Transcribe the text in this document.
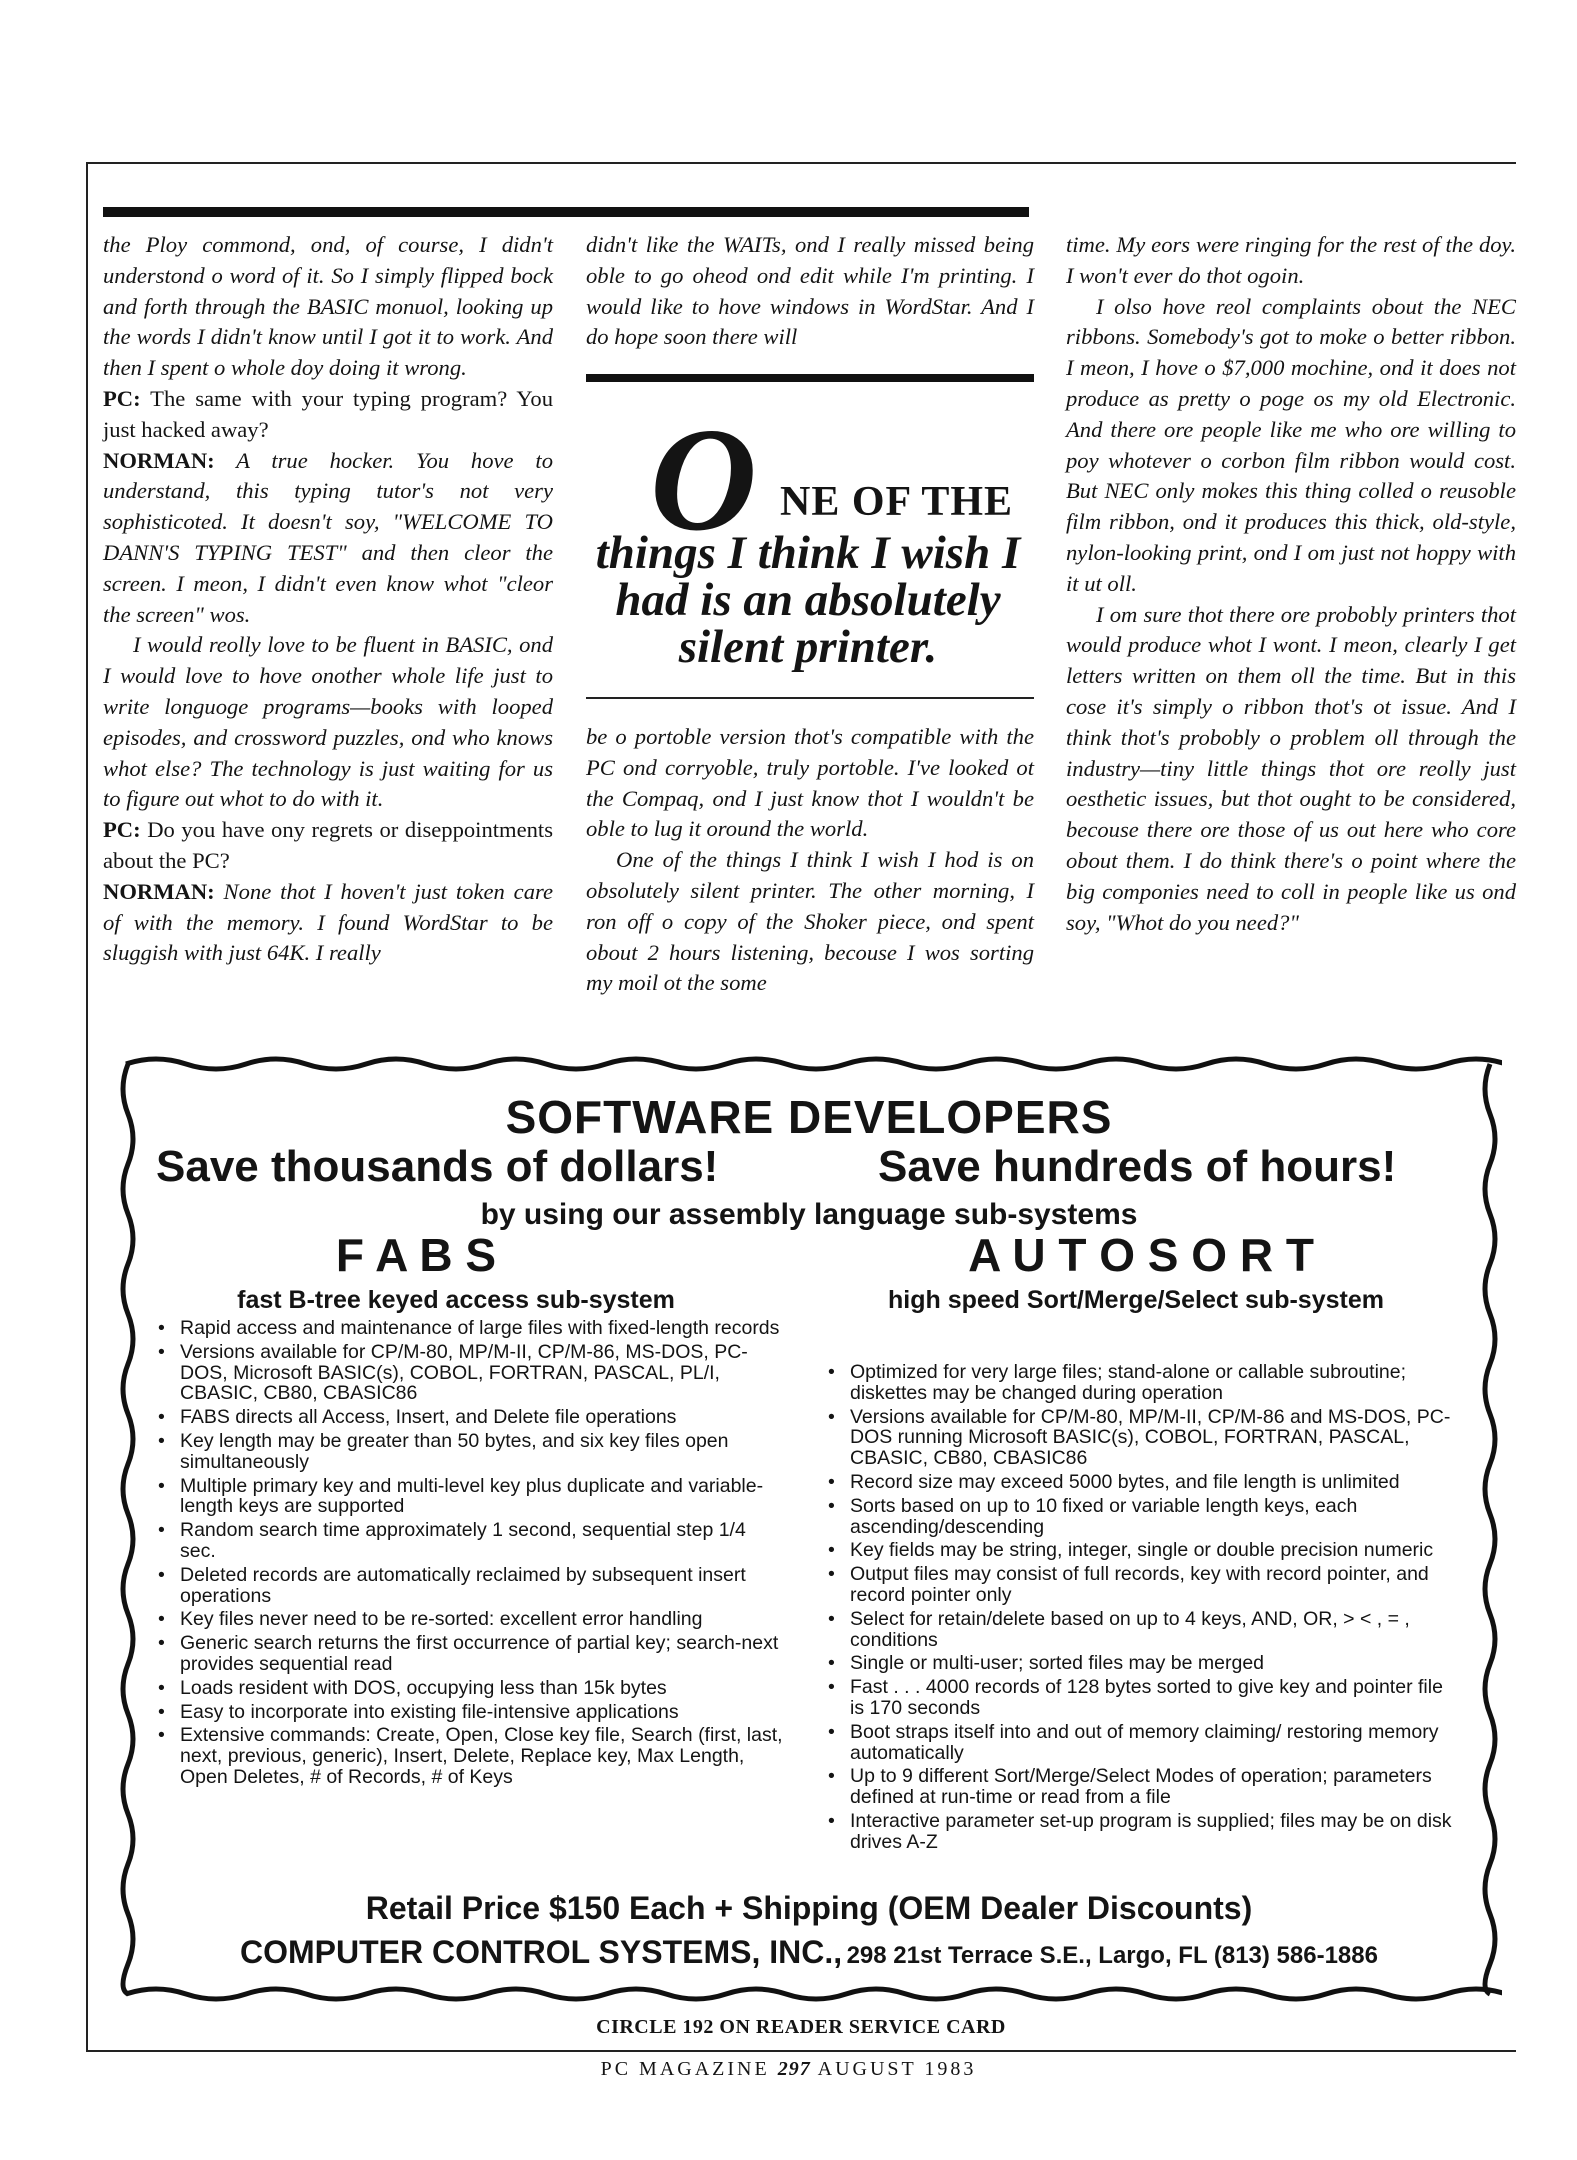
the Ploy commond, ond, of course, I didn't understond o word of it. So I simply flipped bock and forth through the BASIC monuol, looking up the words I didn't know until I got it to work. And then I spent o whole doy doing it wrong.

PC: The same with your typing program? You just hacked away?

NORMAN: A true hocker. You hove to understand, this typing tutor's not very sophisticoted. It doesn't soy, "WELCOME TO DANN'S TYPING TEST" and then cleor the screen. I meon, I didn't even know whot "cleor the screen" wos.

I would reolly love to be fluent in BASIC, ond I would love to hove onother whole life just to write longuoge programs—books with looped episodes, and crossword puzzles, ond who knows whot else? The technology is just waiting for us to figure out whot to do with it.

PC: Do you have ony regrets or diseppointments about the PC?

NORMAN: None thot I hoven't just token care of with the memory. I found WordStar to be sluggish with just 64K. I really

didn't like the WAITs, ond I really missed being oble to go oheod ond edit while I'm printing. I would like to hove windows in WordStar. And I do hope soon there will

O NE OF THE
things I think I wish I had is an absolutely silent printer.

be o portoble version thot's compatible with the PC ond corryoble, truly portoble. I've looked ot the Compaq, ond I just know thot I wouldn't be oble to lug it oround the world.

One of the things I think I wish I hod is on obsolutely silent printer. The other morning, I ron off o copy of the Shoker piece, ond spent obout 2 hours listening, becouse I wos sorting my moil ot the some

time. My eors were ringing for the rest of the doy. I won't ever do thot ogoin.

I olso hove reol complaints obout the NEC ribbons. Somebody's got to moke o better ribbon. I meon, I hove o $7,000 mochine, ond it does not produce as pretty o poge os my old Electronic. And there ore people like me who ore willing to poy whotever o corbon film ribbon would cost. But NEC only mokes this thing colled o reusoble film ribbon, ond it produces this thick, old-style, nylon-looking print, ond I om just not hoppy with it ut oll.

I om sure thot there ore probobly printers thot would produce whot I wont. I meon, clearly I get letters written on them oll the time. But in this cose it's simply o ribbon thot's ot issue. And I think thot's probobly o problem oll through the industry—tiny little things thot ore reolly just oesthetic issues, but thot ought to be considered, becouse there ore those of us out here who core obout them. I do think there's o point where the big componies need to coll in people like us ond soy, "Whot do you need?"

SOFTWARE DEVELOPERS
Save thousands of dollars!	Save hundreds of hours!
by using our assembly language sub-systems
F A B S
fast B-tree keyed access sub-system
A U T O S O R T
high speed Sort/Merge/Select sub-system
• Rapid access and maintenance of large files with fixed-length records
• Versions available for CP/M-80, MP/M-II, CP/M-86, MS-DOS, PC-DOS, Microsoft BASIC(s), COBOL, FORTRAN, PASCAL, PL/I, CBASIC, CB80, CBASIC86
• FABS directs all Access, Insert, and Delete file operations
• Key length may be greater than 50 bytes, and six key files open simultaneously
• Multiple primary key and multi-level key plus duplicate and variable-length keys are supported
• Random search time approximately 1 second, sequential step 1/4 sec.
• Deleted records are automatically reclaimed by subsequent insert operations
• Key files never need to be re-sorted: excellent error handling
• Generic search returns the first occurrence of partial key; search-next provides sequential read
• Loads resident with DOS, occupying less than 15k bytes
• Easy to incorporate into existing file-intensive applications
• Extensive commands: Create, Open, Close key file, Search (first, last, next, previous, generic), Insert, Delete, Replace key, Max Length, Open Deletes, # of Records, # of Keys
• Optimized for very large files; stand-alone or callable subroutine; diskettes may be changed during operation
• Versions available for CP/M-80, MP/M-II, CP/M-86 and MS-DOS, PC-DOS running Microsoft BASIC(s), COBOL, FORTRAN, PASCAL, CBASIC, CB80, CBASIC86
• Record size may exceed 5000 bytes, and file length is unlimited
• Sorts based on up to 10 fixed or variable length keys, each ascending/descending
• Key fields may be string, integer, single or double precision numeric
• Output files may consist of full records, key with record pointer, and record pointer only
• Select for retain/delete based on up to 4 keys, AND, OR, > < , = , conditions
• Single or multi-user; sorted files may be merged
• Fast . . . 4000 records of 128 bytes sorted to give key and pointer file is 170 seconds
• Boot straps itself into and out of memory claiming/ restoring memory automatically
• Up to 9 different Sort/Merge/Select Modes of operation; parameters defined at run-time or read from a file
• Interactive parameter set-up program is supplied; files may be on disk drives A-Z
Retail Price $150 Each + Shipping (OEM Dealer Discounts)
COMPUTER CONTROL SYSTEMS, INC., 298 21st Terrace S.E., Largo, FL (813) 586-1886
CIRCLE 192 ON READER SERVICE CARD
PC MAGAZINE 297 AUGUST 1983
